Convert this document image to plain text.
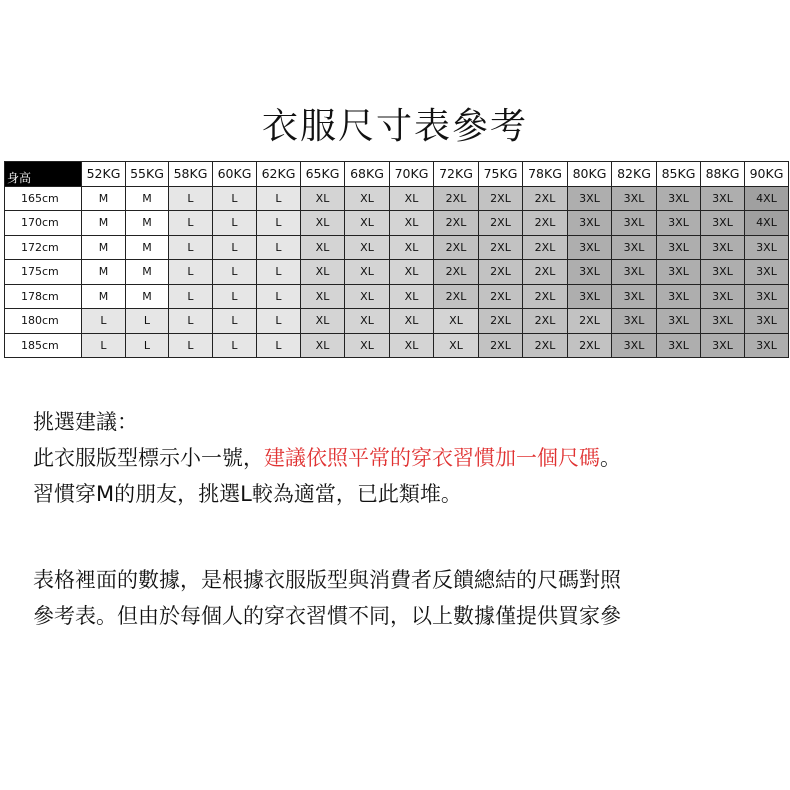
衣服尺寸表參考
身高	52KG	55KG	58KG	60KG	62KG	65KG	68KG	70KG	72KG	75KG	78KG	80KG	82KG	85KG	88KG	90KG
165cm	M	M	L	L	L	XL	XL	XL	2XL	2XL	2XL	3XL	3XL	3XL	3XL	4XL
170cm	M	M	L	L	L	XL	XL	XL	2XL	2XL	2XL	3XL	3XL	3XL	3XL	4XL
172cm	M	M	L	L	L	XL	XL	XL	2XL	2XL	2XL	3XL	3XL	3XL	3XL	3XL
175cm	M	M	L	L	L	XL	XL	XL	2XL	2XL	2XL	3XL	3XL	3XL	3XL	3XL
178cm	M	M	L	L	L	XL	XL	XL	2XL	2XL	2XL	3XL	3XL	3XL	3XL	3XL
180cm	L	L	L	L	L	XL	XL	XL	XL	2XL	2XL	2XL	3XL	3XL	3XL	3XL
185cm	L	L	L	L	L	XL	XL	XL	XL	2XL	2XL	2XL	3XL	3XL	3XL	3XL

挑選建議：

此衣服版型標示小一號，建議依照平常的穿衣習慣加一個尺碼。

習慣穿M的朋友，挑選L較為適當，已此類堆。

表格裡面的數據，是根據衣服版型與消費者反饋總結的尺碼對照

參考表。但由於每個人的穿衣習慣不同，以上數據僅提供買家參
